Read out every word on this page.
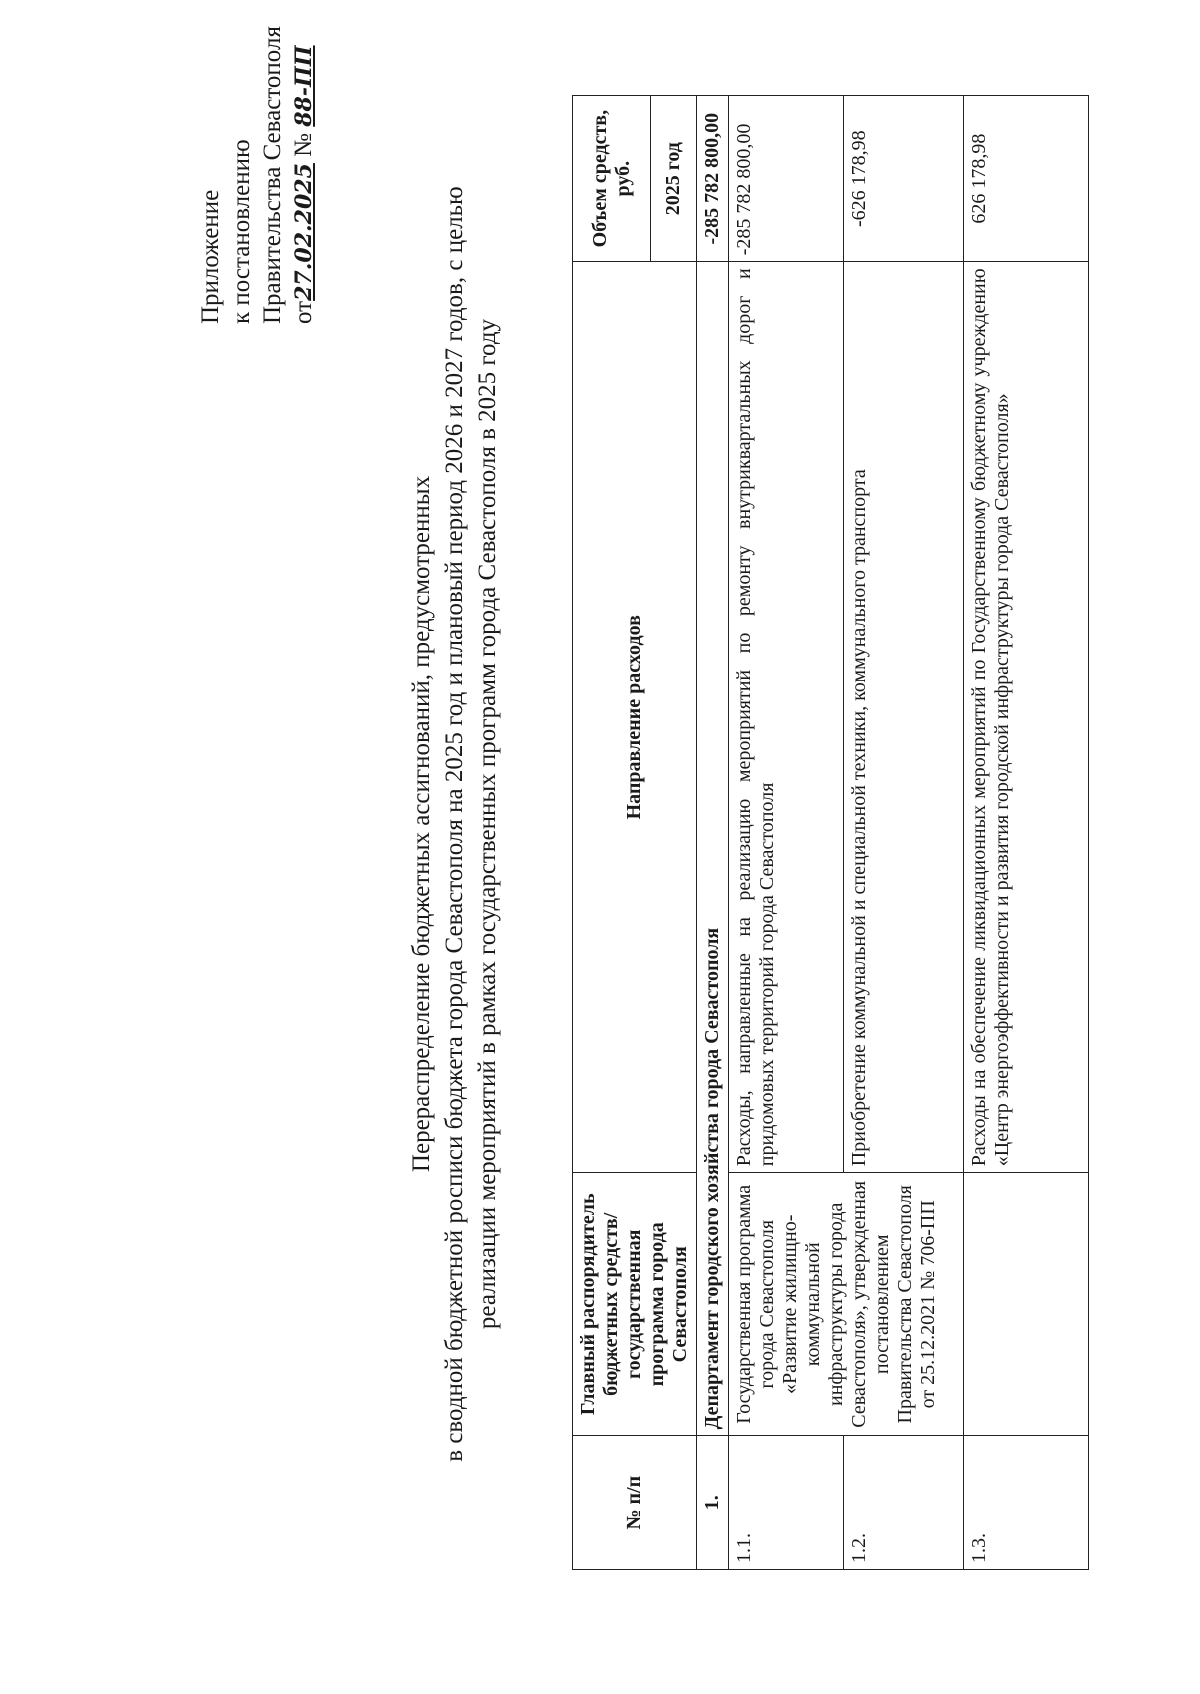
Приложение к постановлению Правительства Севастополя от27.02.2025 № 88-ПП
Перераспределение бюджетных ассигнований, предусмотренных в сводной бюджетной росписи бюджета города Севастополя на 2025 год и плановый период 2026 и 2027 годов, с целью реализации мероприятий в рамках государственных программ города Севастополя в 2025 году
№ п/п	Главный распорядитель бюджетных средств/государственная программа города Севастополя	Направление расходов	Объем средств, руб.
			2025 год
1.	Департамент городского хозяйства города Севастополя		-285 782 800,00
1.1.	Государственная программа города Севастополя «Развитие жилищно-коммунальной инфраструктуры города Севастополя», утвержденная постановлением Правительства Севастополя от 25.12.2021 № 706-ПП	Расходы, направленные на реализацию мероприятий по ремонту внутриквартальных дорог и придомовых территорий города Севастополя	-285 782 800,00
1.2.		Приобретение коммунальной и специальной техники, коммунального транспорта	-626 178,98
1.3.		Расходы на обеспечение ликвидационных мероприятий по Государственному бюджетному учреждению «Центр энергоэффективности и развития городской инфраструктуры города Севастополя»	626 178,98
